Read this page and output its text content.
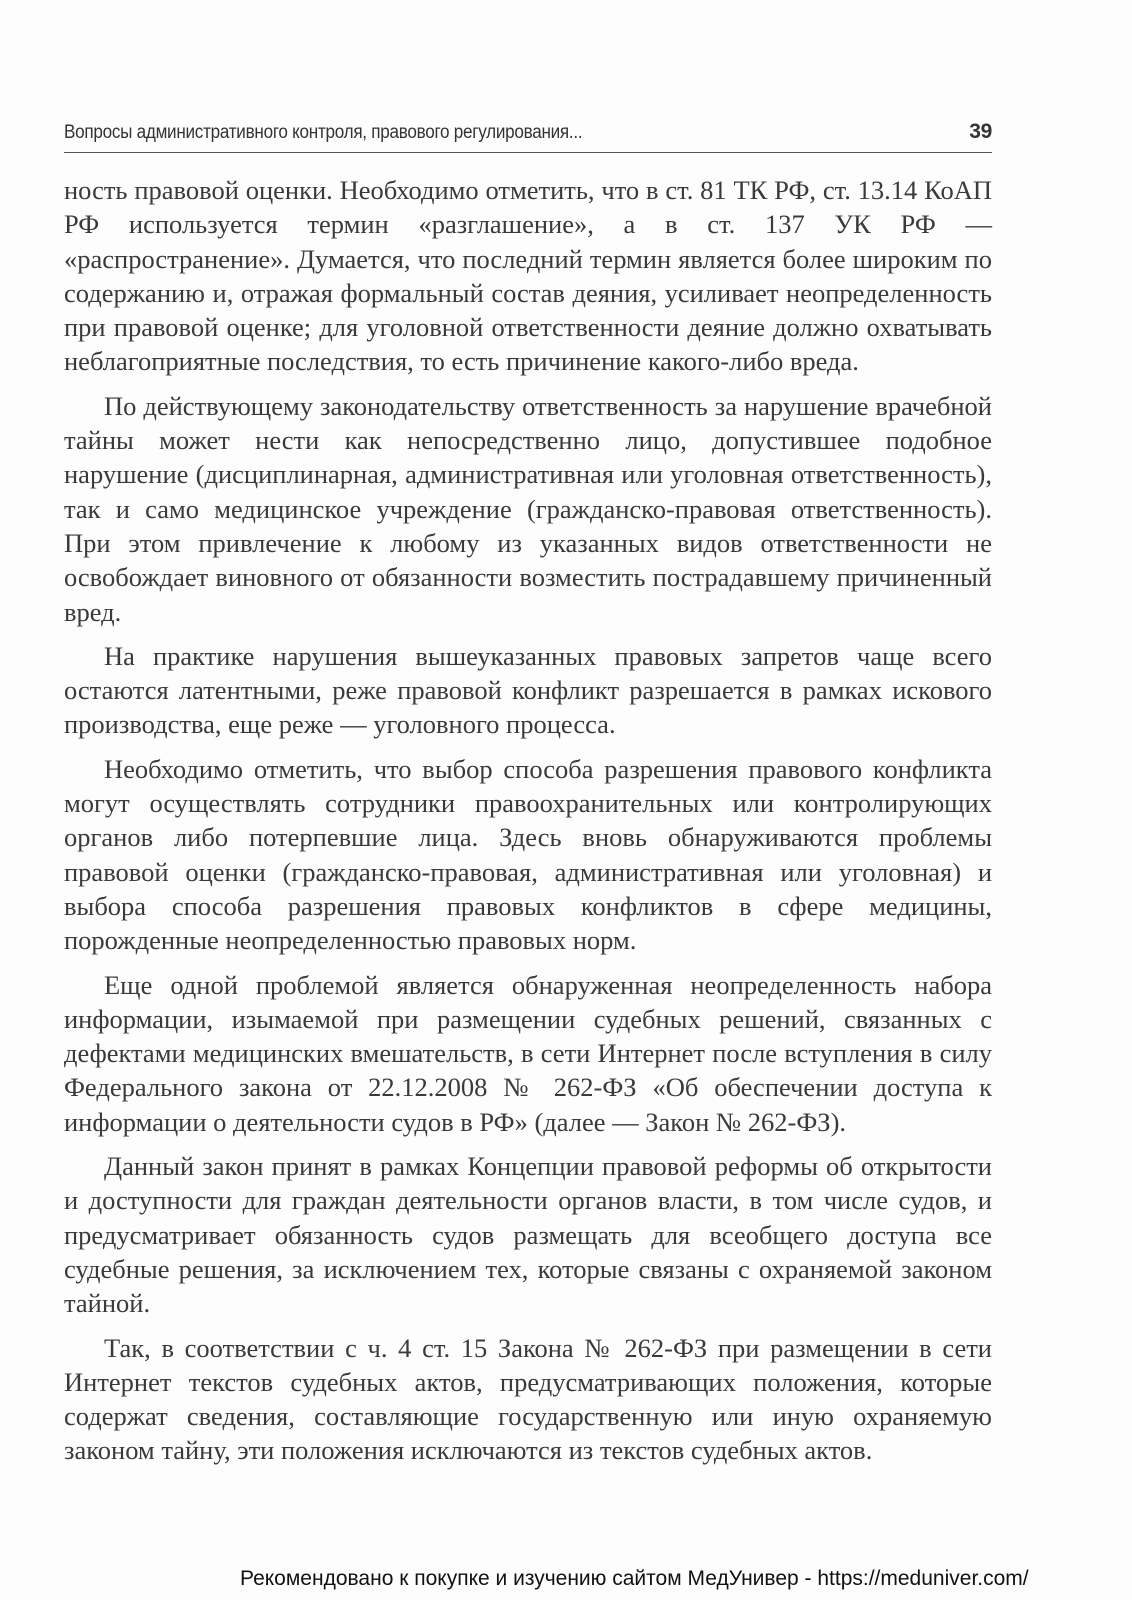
Вопросы административного контроля, правового регулирования...	39

ность правовой оценки. Необходимо отметить, что в ст. 81 ТК РФ, ст. 13.14 КоАП РФ используется термин «разглашение», а в ст. 137 УК РФ — «распространение». Думается, что последний термин является более широким по содержанию и, отражая формальный состав деяния, усиливает неопределенность при правовой оценке; для уголовной ответственности деяние должно охватывать неблагоприятные последствия, то есть причинение какого-либо вреда.

По действующему законодательству ответственность за нарушение врачебной тайны может нести как непосредственно лицо, допустившее подобное нарушение (дисциплинарная, административная или уголовная ответственность), так и само медицинское учреждение (гражданско-правовая ответственность). При этом привлечение к любому из указанных видов ответственности не освобождает виновного от обязанности возместить пострадавшему причиненный вред.

На практике нарушения вышеуказанных правовых запретов чаще всего остаются латентными, реже правовой конфликт разрешается в рамках искового производства, еще реже — уголовного процесса.

Необходимо отметить, что выбор способа разрешения правового конфликта могут осуществлять сотрудники правоохранительных или контролирующих органов либо потерпевшие лица. Здесь вновь обнаруживаются проблемы правовой оценки (гражданско-правовая, административная или уголовная) и выбора способа разрешения правовых конфликтов в сфере медицины, порожденные неопределенностью правовых норм.

Еще одной проблемой является обнаруженная неопределенность набора информации, изымаемой при размещении судебных решений, связанных с дефектами медицинских вмешательств, в сети Интернет после вступления в силу Федерального закона от 22.12.2008 № 262-ФЗ «Об обеспечении доступа к информации о деятельности судов в РФ» (далее — Закон № 262-ФЗ).

Данный закон принят в рамках Концепции правовой реформы об открытости и доступности для граждан деятельности органов власти, в том числе судов, и предусматривает обязанность судов размещать для всеобщего доступа все судебные решения, за исключением тех, которые связаны с охраняемой законом тайной.

Так, в соответствии с ч. 4 ст. 15 Закона № 262-ФЗ при размещении в сети Интернет текстов судебных актов, предусматривающих положения, которые содержат сведения, составляющие государственную или иную охраняемую законом тайну, эти положения исключаются из текстов судебных актов.

Рекомендовано к покупке и изучению сайтом МедУнивер - https://meduniver.com/
